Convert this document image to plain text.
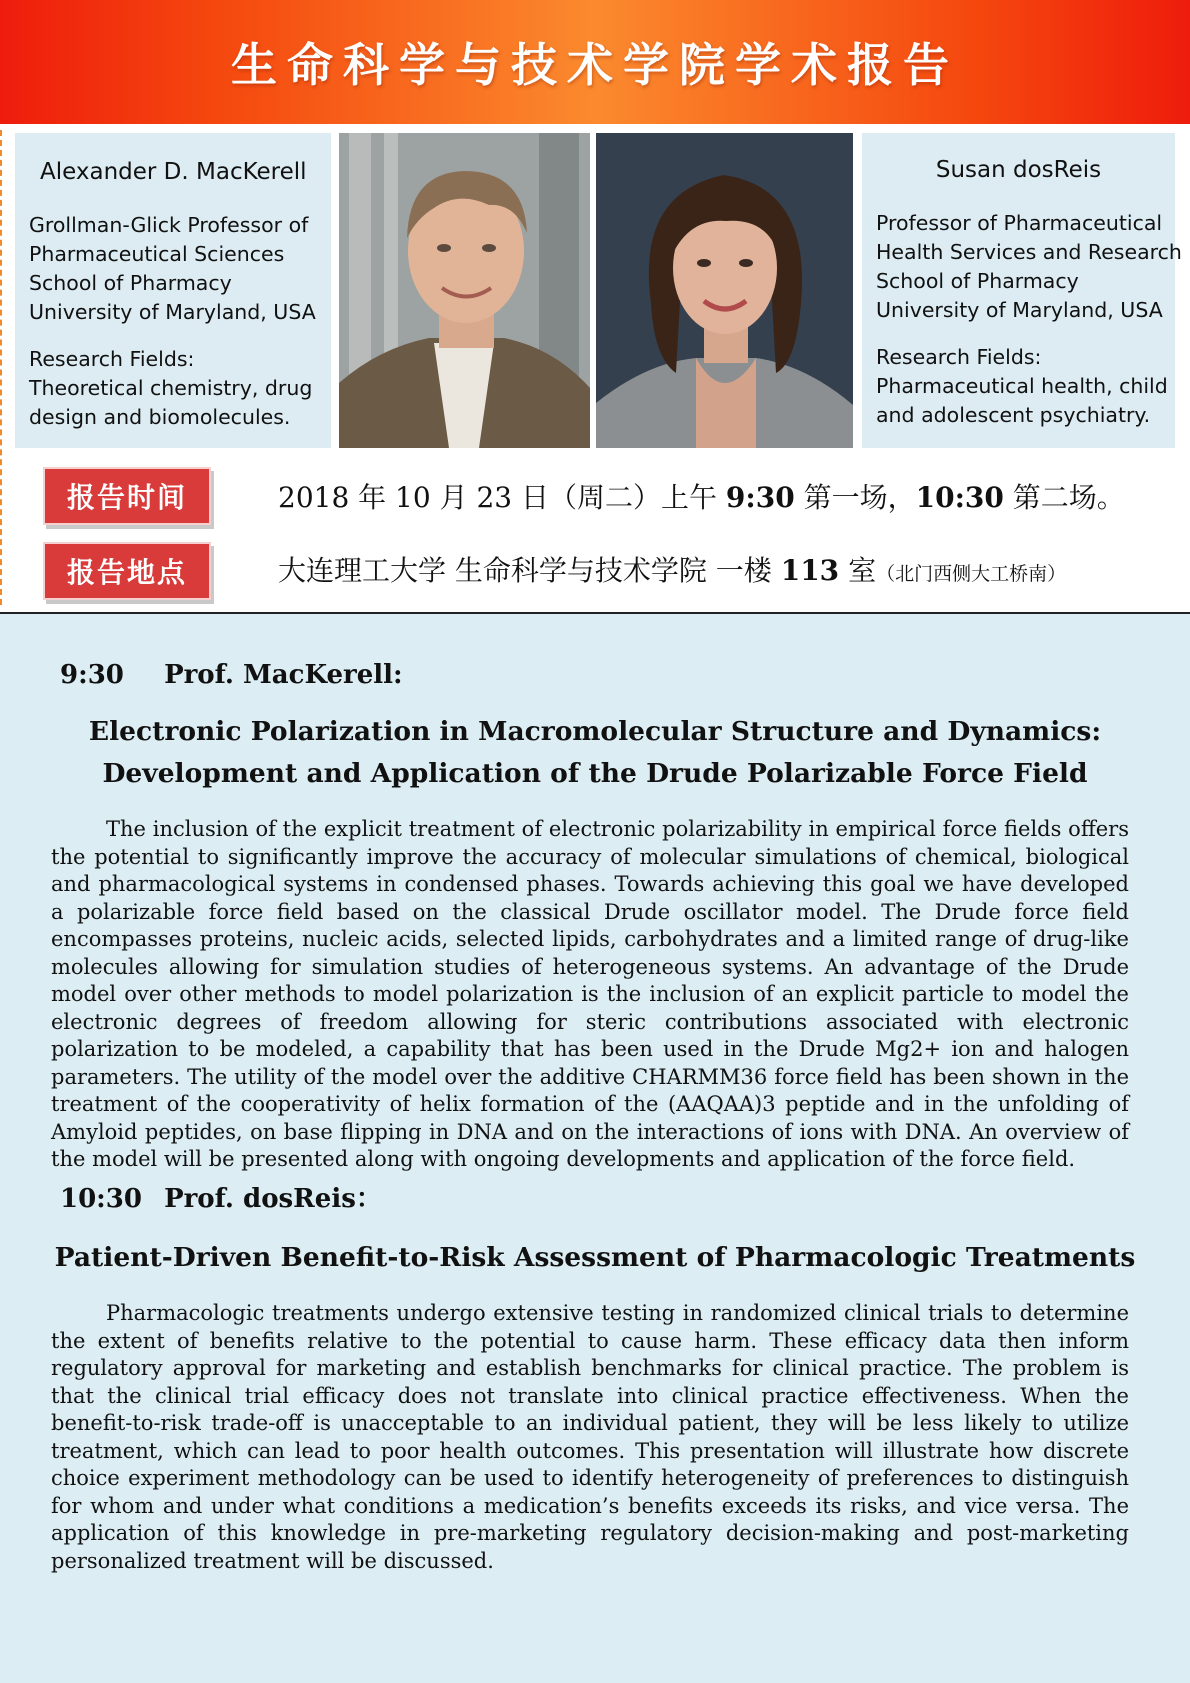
生命科学与技术学院学术报告
Alexander D. MacKerell
Grollman-Glick Professor of
Pharmaceutical Sciences
School of Pharmacy
University of Maryland, USA
Research Fields:
Theoretical chemistry, drug
design and biomolecules.
Susan dosReis
Professor of Pharmaceutical
Health Services and Research
School of Pharmacy
University of Maryland, USA
Research Fields:
Pharmaceutical health, child
and adolescent psychiatry.
报告时间	2018 年 10 月 23 日（周二）上午 9:30 第一场，10:30 第二场。
报告地点	大连理工大学 生命科学与技术学院 一楼 113 室（北门西侧大工桥南）
9:30 Prof. MacKerell:
Electronic Polarization in Macromolecular Structure and Dynamics:
Development and Application of the Drude Polarizable Force Field
The inclusion of the explicit treatment of electronic polarizability in empirical force fields offers the potential to significantly improve the accuracy of molecular simulations of chemical, biological and pharmacological systems in condensed phases. Towards achieving this goal we have developed a polarizable force field based on the classical Drude oscillator model. The Drude force field encompasses proteins, nucleic acids, selected lipids, carbohydrates and a limited range of drug-like molecules allowing for simulation studies of heterogeneous systems. An advantage of the Drude model over other methods to model polarization is the inclusion of an explicit particle to model the electronic degrees of freedom allowing for steric contributions associated with electronic polarization to be modeled, a capability that has been used in the Drude Mg2+ ion and halogen parameters. The utility of the model over the additive CHARMM36 force field has been shown in the treatment of the cooperativity of helix formation of the (AAQAA)3 peptide and in the unfolding of Amyloid peptides, on base flipping in DNA and on the interactions of ions with DNA. An overview of the model will be presented along with ongoing developments and application of the force field.
10:30 Prof. dosReis：
Patient-Driven Benefit-to-Risk Assessment of Pharmacologic Treatments
Pharmacologic treatments undergo extensive testing in randomized clinical trials to determine the extent of benefits relative to the potential to cause harm. These efficacy data then inform regulatory approval for marketing and establish benchmarks for clinical practice. The problem is that the clinical trial efficacy does not translate into clinical practice effectiveness. When the benefit-to-risk trade-off is unacceptable to an individual patient, they will be less likely to utilize treatment, which can lead to poor health outcomes. This presentation will illustrate how discrete choice experiment methodology can be used to identify heterogeneity of preferences to distinguish for whom and under what conditions a medication’s benefits exceeds its risks, and vice versa. The application of this knowledge in pre-marketing regulatory decision-making and post-marketing personalized treatment will be discussed.
